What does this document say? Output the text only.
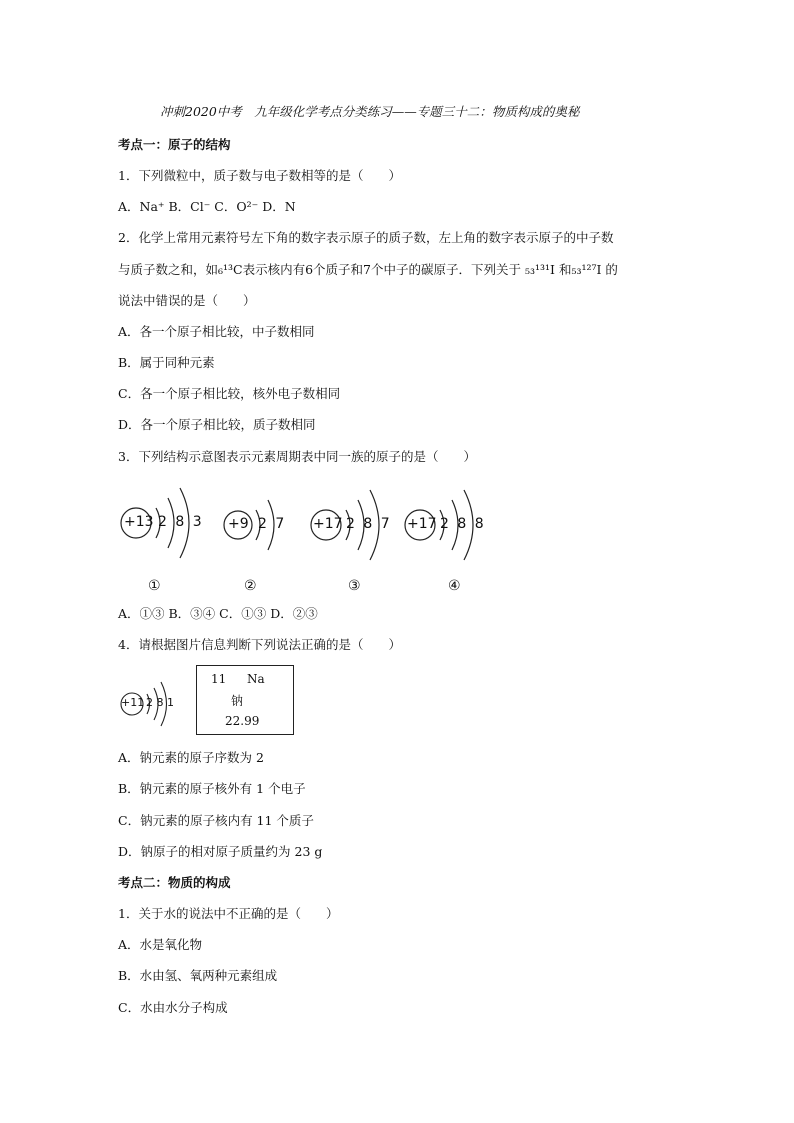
冲刺2020中考　九年级化学考点分类练习——专题三十二：物质构成的奥秘
考点一：原子的结构
1．下列微粒中，质子数与电子数相等的是（　　）
A．Na⁺ B．Cl⁻ C．O²⁻ D．N
2．化学上常用元素符号左下角的数字表示原子的质子数，左上角的数字表示原子的中子数
与质子数之和，如₆¹³C表示核内有6个质子和7个中子的碳原子．下列关于 ₅₃¹³¹I 和₅₃¹²⁷I 的
说法中错误的是（　　）
A．各一个原子相比较，中子数相同
B．属于同种元素
C．各一个原子相比较，核外电子数相同
D．各一个原子相比较，质子数相同
3．下列结构示意图表示元素周期表中同一族的原子的是（　　）
+13 2 8 3
①
+9 2 7
②
+17 2 8 7
③
+17 2 8 8
④
A．①③ B．③④ C．①③ D．②③
4．请根据图片信息判断下列说法正确的是（　　）
+11 2 8 1
11 Na
钠
22.99
A．钠元素的原子序数为 2
B．钠元素的原子核外有 1 个电子
C．钠元素的原子核内有 11 个质子
D．钠原子的相对原子质量约为 23 g
考点二：物质的构成
1．关于水的说法中不正确的是（　　）
A．水是氧化物
B．水由氢、氧两种元素组成
C．水由水分子构成
